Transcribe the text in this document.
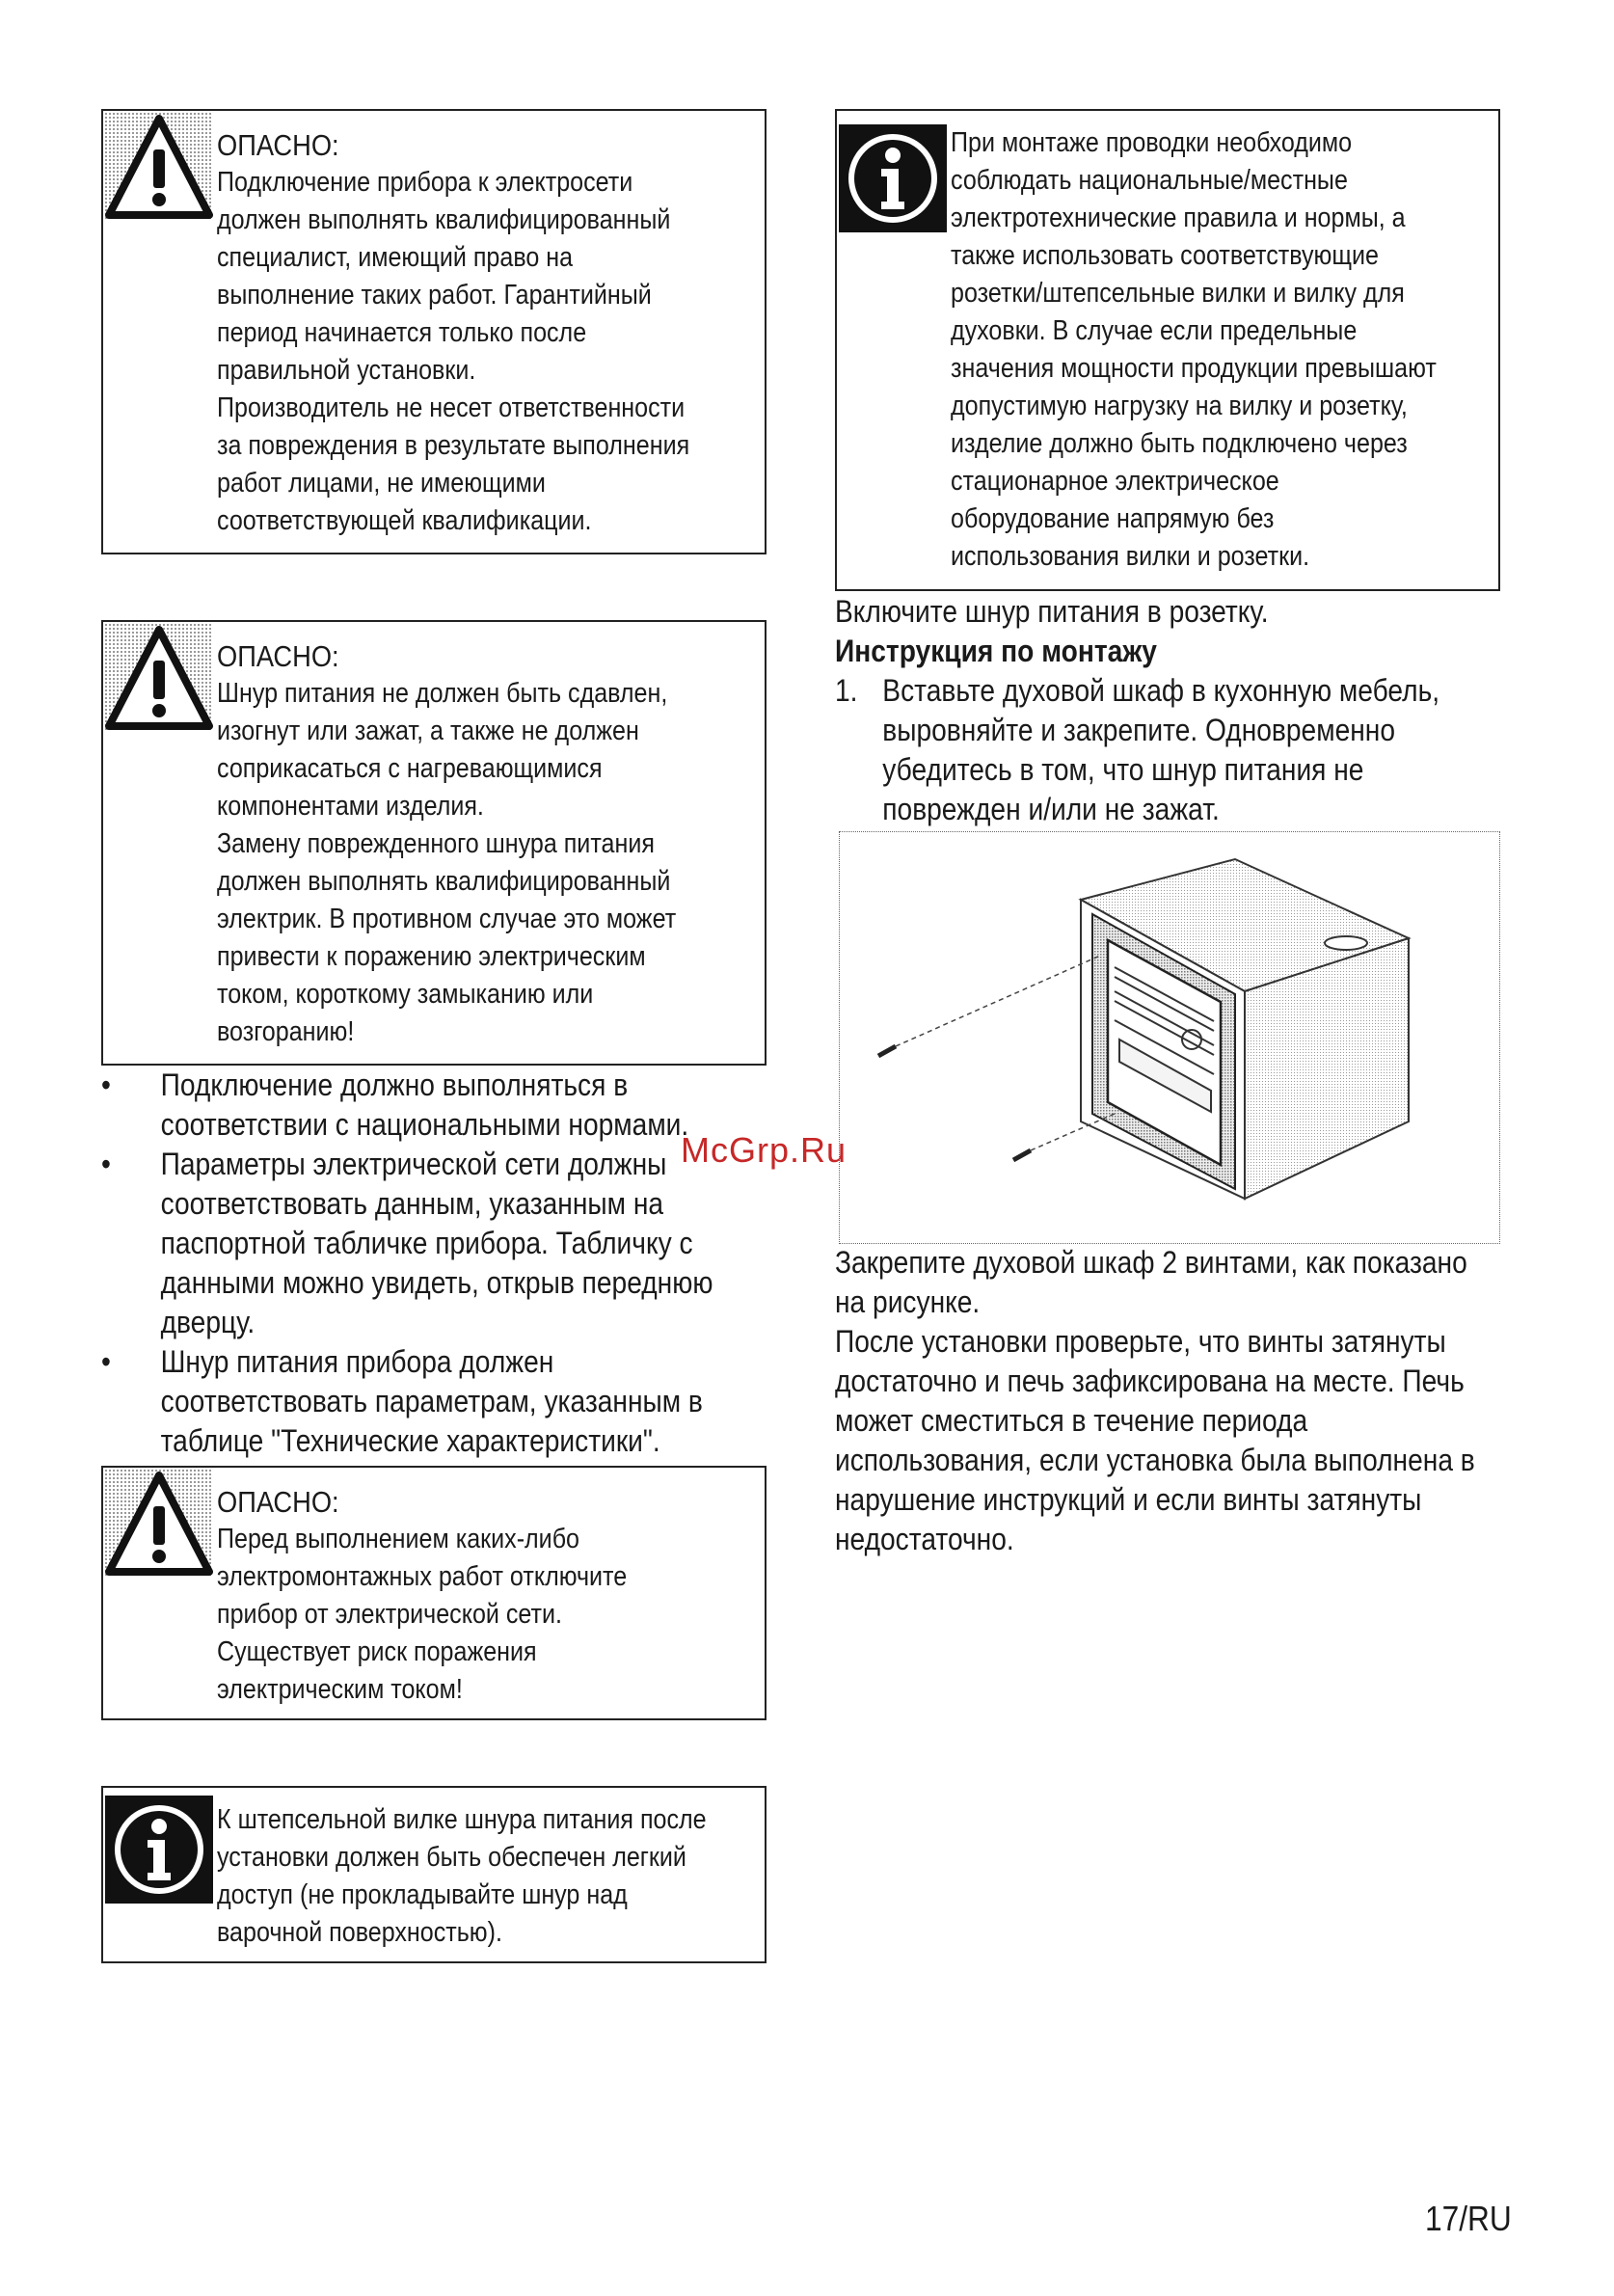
ОПАСНО:

Подключение прибора к электросети

должен выполнять квалифицированный

специалист, имеющий право на

выполнение таких работ. Гарантийный

период начинается только после

правильной установки.

Производитель не несет ответственности

за повреждения в результате выполнения

работ лицами, не имеющими

соответствующей квалификации.

ОПАСНО:

Шнур питания не должен быть сдавлен,

изогнут или зажат, а также не должен

соприкасаться с нагревающимися

компонентами изделия.

Замену поврежденного шнура питания

должен выполнять квалифицированный

электрик. В противном случае это может

привести к поражению электрическим

током, короткому замыканию или

возгоранию!

•	Подключение должно выполняться в

соответствии с национальными нормами.

•	Параметры электрической сети должны

соответствовать данным, указанным на

паспортной табличке прибора. Табличку с

данными можно увидеть, открыв переднюю

дверцу.

•	Шнур питания прибора должен

соответствовать параметрам, указанным в

таблице "Технические характеристики".

ОПАСНО:

Перед выполнением каких-либо

электромонтажных работ отключите

прибор от электрической сети.

Существует риск поражения

электрическим током!

К штепсельной вилке шнура питания после

установки должен быть обеспечен легкий

доступ (не прокладывайте шнур над

варочной поверхностью).

При монтаже проводки необходимо

соблюдать национальные/местные

электротехнические правила и нормы, а

также использовать соответствующие

розетки/штепсельные вилки и вилку для

духовки. В случае если предельные

значения мощности продукции превышают

допустимую нагрузку на вилку и розетку,

изделие должно быть подключено через

стационарное электрическое

оборудование напрямую без

использования вилки и розетки.

Включите шнур питания в розетку.

Инструкция по монтажу

1. Вставьте духовой шкаф в кухонную мебель,

выровняйте и закрепите. Одновременно

убедитесь в том, что шнур питания не

поврежден и/или не зажат.

Закрепите духовой шкаф 2 винтами, как показано

на рисунке.

После установки проверьте, что винты затянуты

достаточно и печь зафиксирована на месте. Печь

может сместиться в течение периода

использования, если установка была выполнена в

нарушение инструкций и если винты затянуты

недостаточно.

McGrp.Ru
17/RU
